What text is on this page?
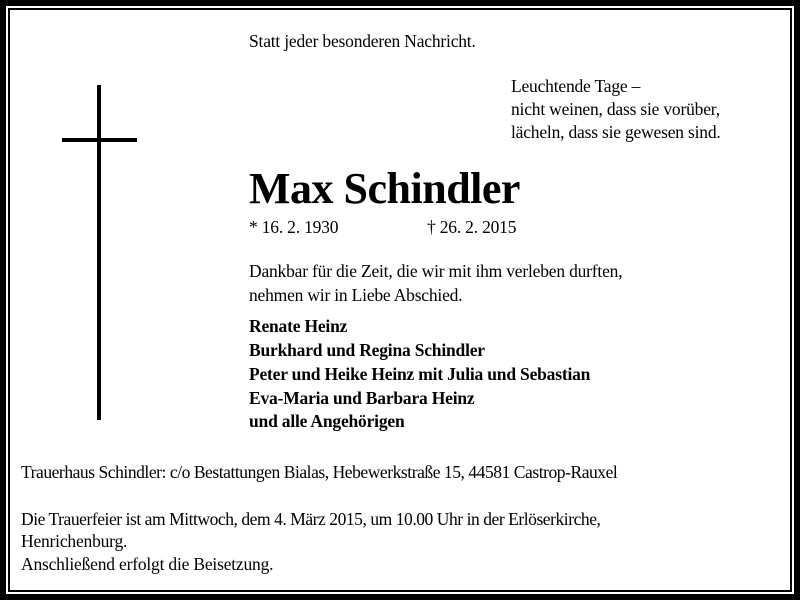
Statt jeder besonderen Nachricht.
Leuchtende Tage –
nicht weinen, dass sie vorüber,
lächeln, dass sie gewesen sind.
Max Schindler
* 16. 2. 1930	† 26. 2. 2015
Dankbar für die Zeit, die wir mit ihm verleben durften,
nehmen wir in Liebe Abschied.
Renate Heinz
Burkhard und Regina Schindler
Peter und Heike Heinz mit Julia und Sebastian
Eva-Maria und Barbara Heinz
und alle Angehörigen
Trauerhaus Schindler: c/o Bestattungen Bialas, Hebewerkstraße 15, 44581 Castrop-Rauxel
Die Trauerfeier ist am Mittwoch, dem 4. März 2015, um 10.00 Uhr in der Erlöserkirche,
Henrichenburg.
Anschließend erfolgt die Beisetzung.
